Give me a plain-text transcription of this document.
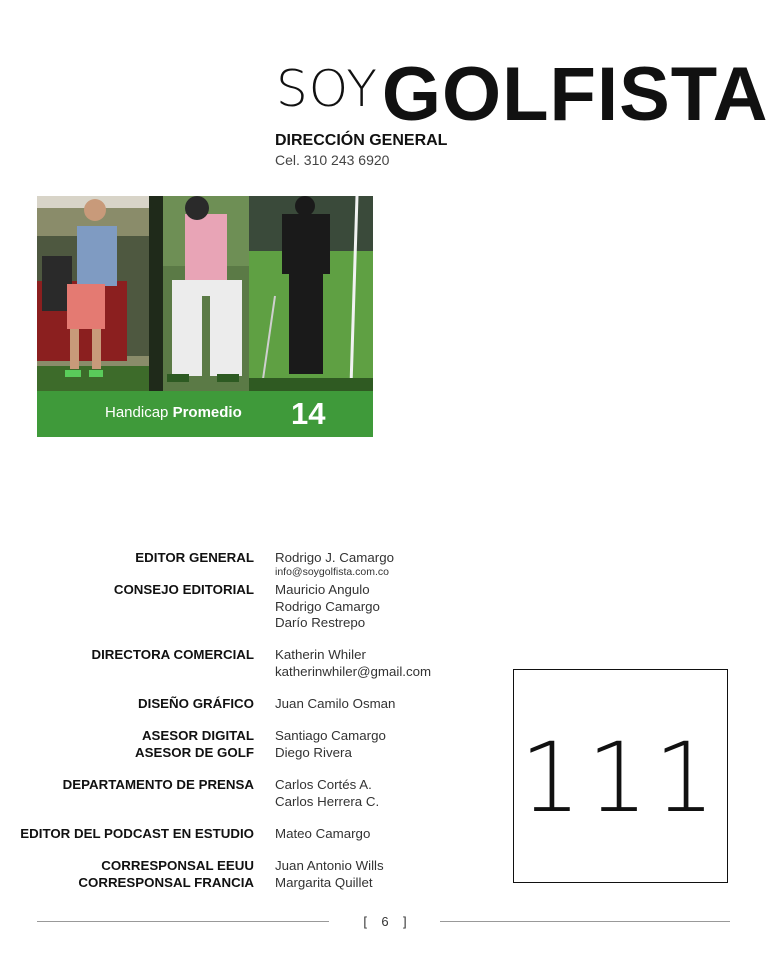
SOYGOLFISTA
DIRECCIÓN GENERAL
Cel. 310 243 6920
Handicap Promedio 14
EDITOR GENERAL Rodrigo J. Camargo
info@soygolfista.com.co
CONSEJO EDITORIAL Mauricio Angulo
Rodrigo Camargo
Darío Restrepo
DIRECTORA COMERCIAL Katherin Whiler
katherinwhiler@gmail.com
DISEÑO GRÁFICO Juan Camilo Osman
ASESOR DIGITAL
ASESOR DE GOLF
Santiago Camargo
Diego Rivera
DEPARTAMENTO DE PRENSA Carlos Cortés A.
Carlos Herrera C.
EDITOR DEL PODCAST EN ESTUDIO Mateo Camargo
CORRESPONSAL EEUU
CORRESPONSAL FRANCIA
Juan Antonio Wills
Margarita Quillet
111
[    6    ]
